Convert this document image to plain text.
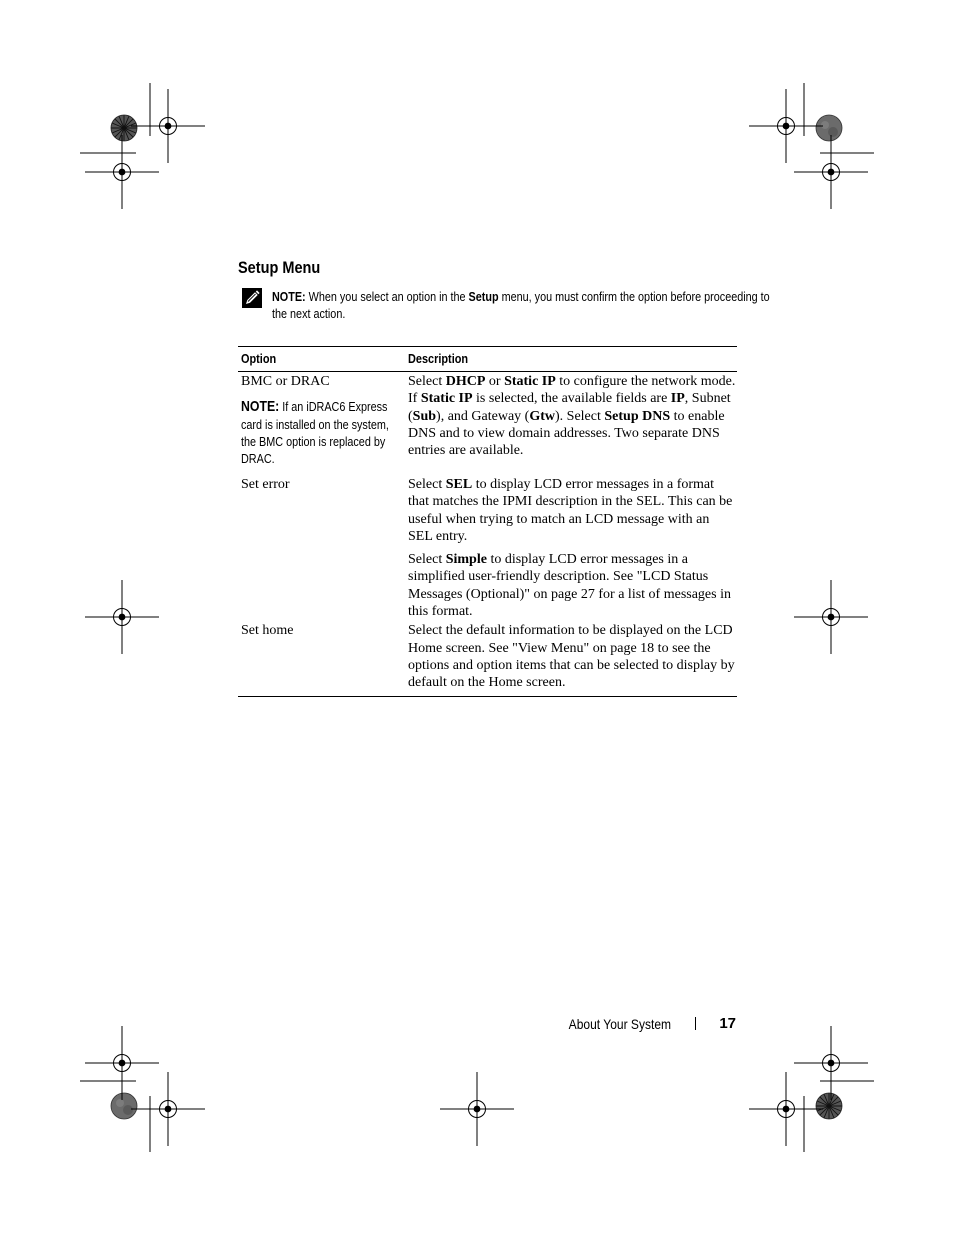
Setup Menu
NOTE: When you select an option in the Setup menu, you must confirm the option before proceeding to the next action.
Option	Description

BMC or DRAC
NOTE: If an iDRAC6 Express card is installed on the system, the BMC option is replaced by DRAC.	Select DHCP or Static IP to configure the network mode. If Static IP is selected, the available fields are IP, Subnet (Sub), and Gateway (Gtw). Select Setup DNS to enable DNS and to view domain addresses. Two separate DNS entries are available.

Set error	Select SEL to display LCD error messages in a format that matches the IPMI description in the SEL. This can be useful when trying to match an LCD message with an SEL entry.
Select Simple to display LCD error messages in a simplified user-friendly description. See "LCD Status Messages (Optional)" on page 27 for a list of messages in this format.

Set home	Select the default information to be displayed on the LCD Home screen. See "View Menu" on page 18 to see the options and option items that can be selected to display by default on the Home screen.
About Your System	17
